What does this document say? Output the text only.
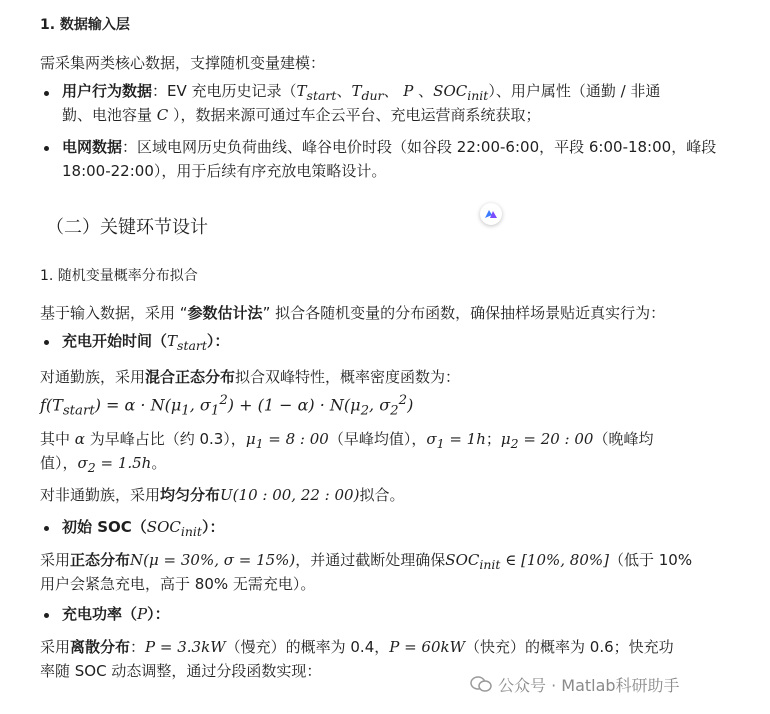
1. 数据输入层
需采集两类核心数据，支撑随机变量建模：
用户行为数据：EV 充电历史记录（$T_{start}$、$T_{dur}$、 P 、$SOC_{init}$）、用户属性（通勤 / 非通
勤、电池容量 C ），数据来源可通过车企云平台、充电运营商系统获取；
电网数据：区域电网历史负荷曲线、峰谷电价时段（如谷段 22:00-6:00，平段 6:00-18:00，峰段
18:00-22:00），用于后续有序充放电策略设计。
（二）关键环节设计
1. 随机变量概率分布拟合
基于输入数据，采用 “参数估计法” 拟合各随机变量的分布函数，确保抽样场景贴近真实行为：
充电开始时间$(T_{start})$：
对通勤族，采用混合正态分布拟合双峰特性，概率密度函数为：
$f(T_{start}) = \alpha \cdot N(\mu_1$, $\sigma_1^2) + (1 - \alpha) \cdot N(\mu_2$, $\sigma_2^2$)
其中 α 为早峰占比（约 0.3），$\mu_1 = 8$ : 00（早峰均值），$\sigma_1 = 1h$；$\mu_2 = 20$ : 00（晚峰均
值），$\sigma_2 = 1.5h$。
对非通勤族，采用均匀分布U(10 : 00, 22 : 00)拟合。
初始 $SOC(SOC_{init})$：
采用正态分布N(μ = 30%, σ = 15%)，并通过截断处理确保$SOC_{init}$ ∈ [10%, 80%]（低于 10%
用户会紧急充电，高于 80% 无需充电）。
充电功率（P）：
采用离散分布：P = 3.3kW（慢充）的概率为 0.4，P = 60kW（快充）的概率为 0.6；快充功
率随 SOC 动态调整，通过分段函数实现：
公众号 · Matlab科研助手
